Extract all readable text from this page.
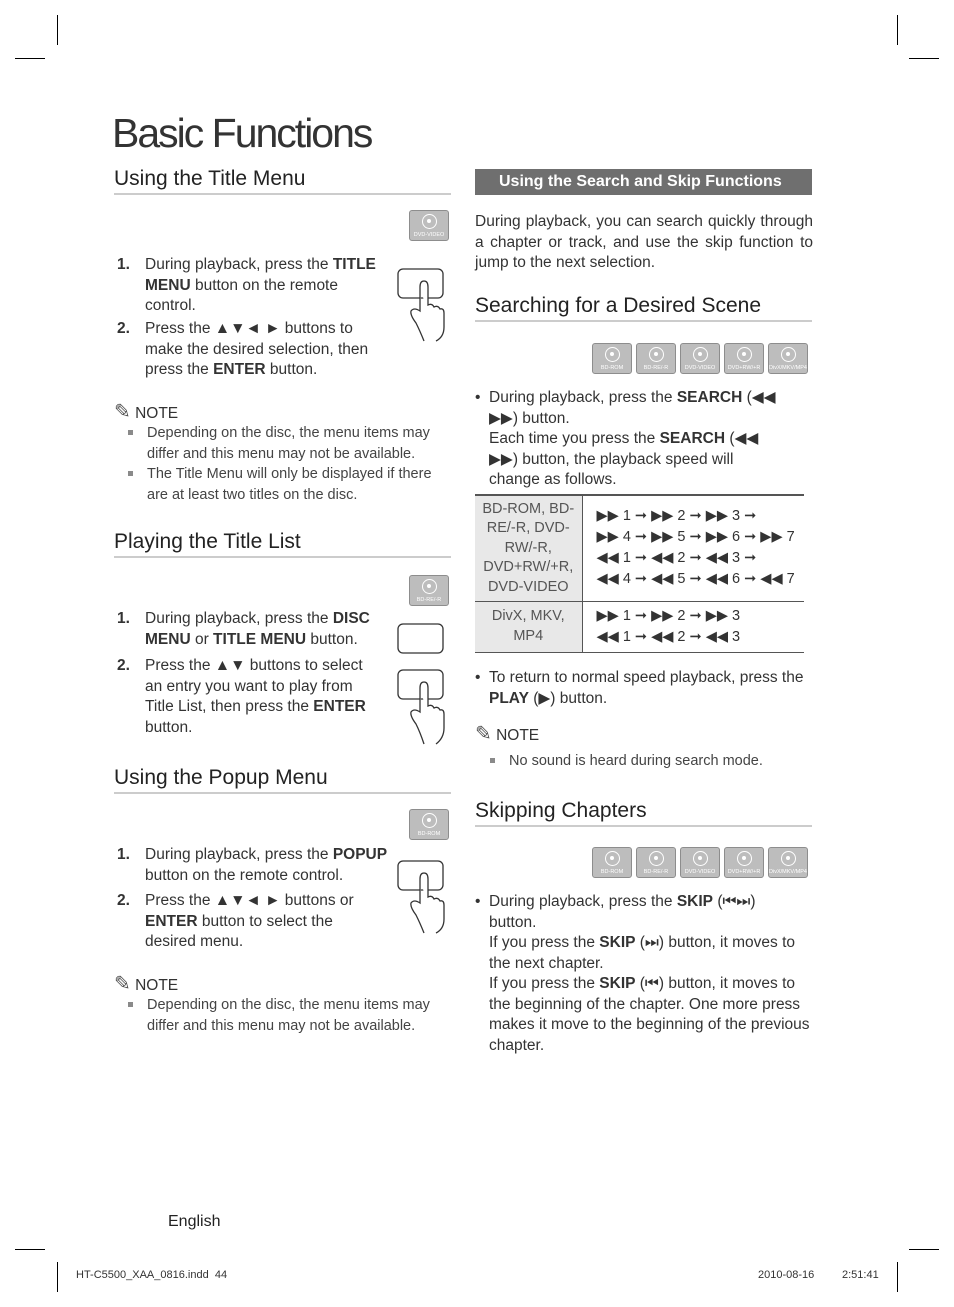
Basic Functions
Using the Title Menu
DVD-VIDEO
1. During playback, press the TITLE MENU button on the remote control.
2. Press the ▲▼◄ ► buttons to make the desired selection, then press the ENTER button.
✎ NOTE
Depending on the disc, the menu items may differ and this menu may not be available.
The Title Menu will only be displayed if there are at least two titles on the disc.
Playing the Title List
BD-RE/-R
1. During playback, press the DISC MENU or TITLE MENU button.
2. Press the ▲▼ buttons to select an entry you want to play from Title List, then press the ENTER button.
Using the Popup Menu
BD-ROM
1. During playback, press the POPUP button on the remote control.
2. Press the ▲▼◄ ► buttons or ENTER button to select the desired menu.
✎ NOTE
Depending on the disc, the menu items may differ and this menu may not be available.
English
Using the Search and Skip Functions
During playback, you can search quickly through a chapter or track, and use the skip function to jump to the next selection.
Searching for a Desired Scene
BD-ROM	BD-RE/-R	DVD-VIDEO	DVD+RW/+R	DivX/MKV/MP4
• During playback, press the SEARCH (◀◀ ▶▶) button.
Each time you press the SEARCH (◀◀ ▶▶) button, the playback speed will change as follows.
BD-ROM, BD-RE/-R, DVD-RW/-R, DVD+RW/+R, DVD-VIDEO	▶▶ 1 ➞ ▶▶ 2 ➞ ▶▶ 3 ➞
▶▶ 4 ➞ ▶▶ 5 ➞ ▶▶ 6 ➞ ▶▶ 7
◀◀ 1 ➞ ◀◀ 2 ➞ ◀◀ 3 ➞
◀◀ 4 ➞ ◀◀ 5 ➞ ◀◀ 6 ➞ ◀◀ 7

DivX, MKV, MP4	▶▶ 1 ➞ ▶▶ 2 ➞ ▶▶ 3
◀◀ 1 ➞ ◀◀ 2 ➞ ◀◀ 3
• To return to normal speed playback, press the PLAY (▶) button.
✎ NOTE
No sound is heard during search mode.
Skipping Chapters
BD-ROM	BD-RE/-R	DVD-VIDEO	DVD+RW/+R	DivX/MKV/MP4
• During playback, press the SKIP (⏮⏭) button.
If you press the SKIP (⏭) button, it moves to the next chapter.
If you press the SKIP (⏮) button, it moves to the beginning of the chapter. One more press makes it move to the beginning of the previous chapter.
HT-C5500_XAA_0816.indd 44	2010-08-16	2:51:41
